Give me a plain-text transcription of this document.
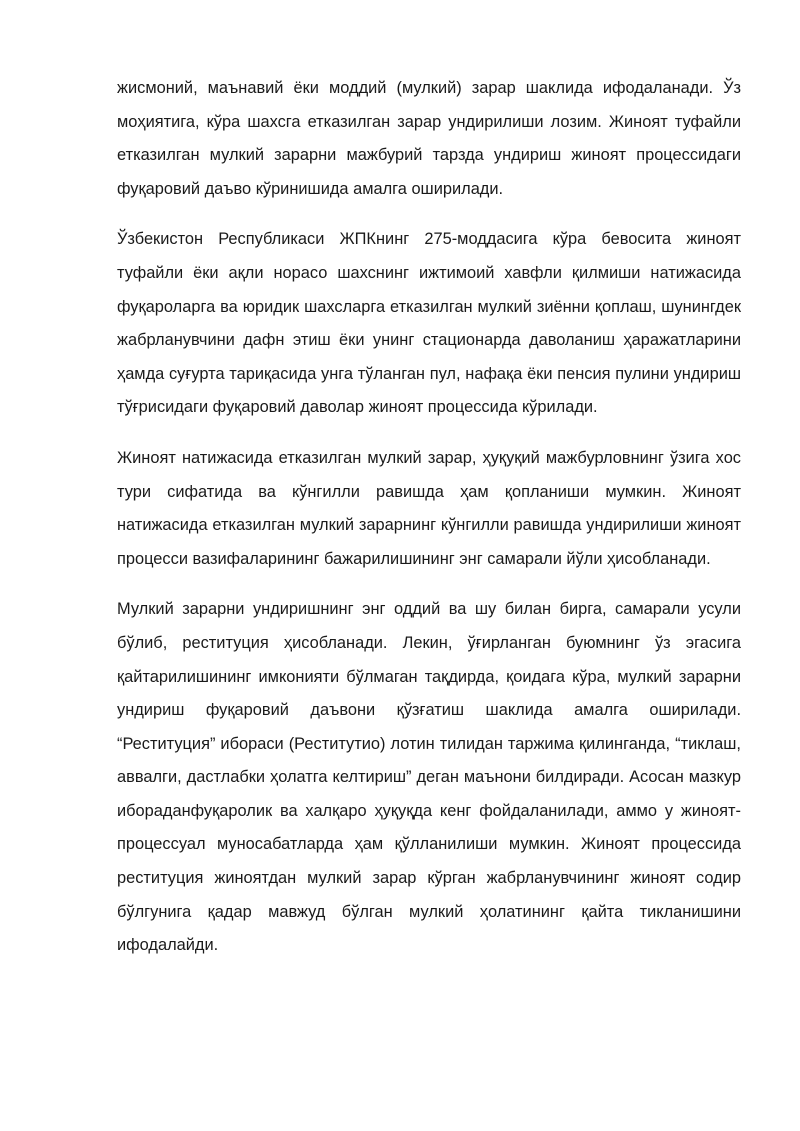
жисмоний, маънавий ёки моддий (мулкий) зарар шаклида ифодаланади. Ўз моҳиятига, кўра шахсга етказилган зарар ундирилиши лозим. Жиноят туфайли етказилган мулкий зарарни мажбурий тарзда ундириш жиноят процессидаги фуқаровий даъво кўринишида амалга оширилади.

Ўзбекистон Республикаси ЖПКнинг 275-моддасига кўра бевосита жиноят туфайли ёки ақли норасо шахснинг ижтимоий хавфли қилмиши натижасида фуқароларга ва юридик шахсларга етказилган мулкий зиённи қоплаш, шунингдек жабрланувчини дафн этиш ёки унинг стационарда даволаниш ҳаражатларини ҳамда суғурта тариқасида унга тўланган пул, нафақа ёки пенсия пулини ундириш тўғрисидаги фуқаровий даволар жиноят процессида кўрилади.

Жиноят натижасида етказилган мулкий зарар, ҳуқуқий мажбурловнинг ўзига хос тури сифатида ва кўнгилли равишда ҳам қопланиши мумкин. Жиноят натижасида етказилган мулкий зарарнинг кўнгилли равишда ундирилиши жиноят процесси вазифаларининг бажарилишининг энг самарали йўли ҳисобланади.

Мулкий зарарни ундиришнинг энг оддий ва шу билан бирга, самарали усули бўлиб, реституция ҳисобланади. Лекин, ўғирланган буюмнинг ўз эгасига қайтарилишининг имконияти бўлмаган тақдирда, қоидага кўра, мулкий зарарни ундириш фуқаровий даъвони қўзғатиш шаклида амалга оширилади. “Реституция” ибораси (Реститутио) лотин тилидан таржима қилинганда, “тиклаш, аввалги, дастлабки ҳолатга келтириш” деган маънони билдиради. Асосан мазкур ибораданфуқаролик ва халқаро ҳуқуқда кенг фойдаланилади, аммо у жиноят-процессуал муносабатларда ҳам қўлланилиши мумкин. Жиноят процессида реституция жиноятдан мулкий зарар кўрган жабрланувчининг жиноят содир бўлгунига қадар мавжуд бўлган мулкий ҳолатининг қайта тикланишини ифодалайди.
